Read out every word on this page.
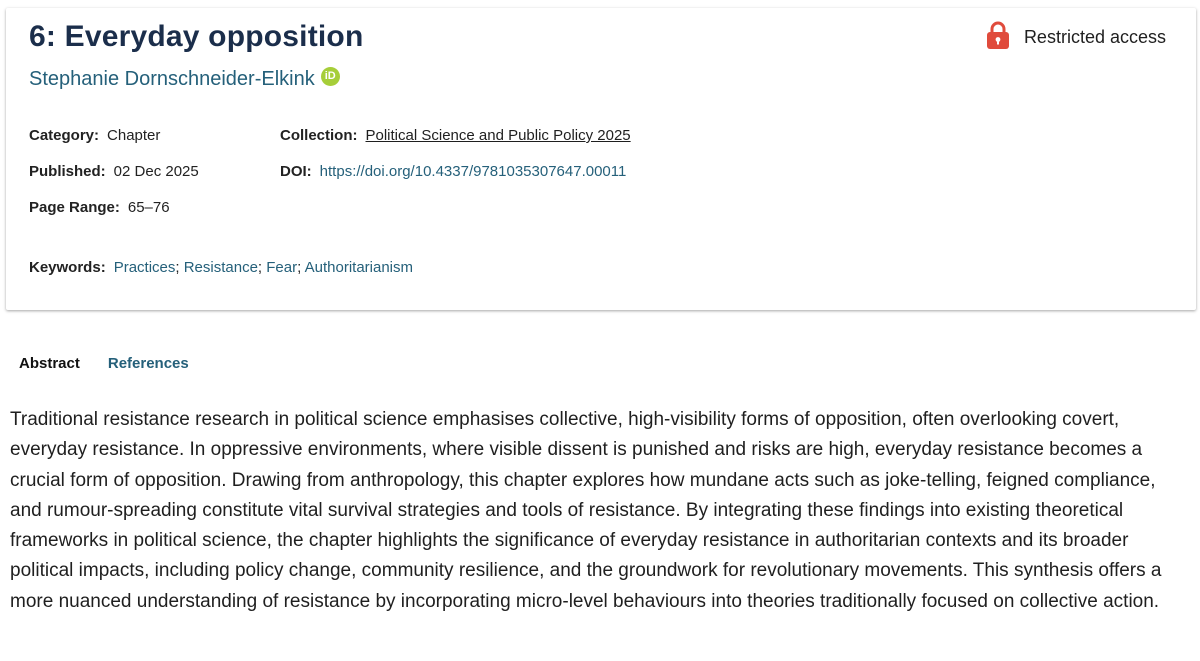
6: Everyday opposition
Stephanie Dornschneider-Elkink iD
Restricted access
Category: Chapter
Published: 02 Dec 2025
Page Range: 65–76
Collection: Political Science and Public Policy 2025
DOI: https://doi.org/10.4337/9781035307647.00011
Keywords: Practices; Resistance; Fear; Authoritarianism
Abstract References

Traditional resistance research in political science emphasises collective, high-visibility forms of opposition, often overlooking covert, everyday resistance. In oppressive environments, where visible dissent is punished and risks are high, everyday resistance becomes a crucial form of opposition. Drawing from anthropology, this chapter explores how mundane acts such as joke-telling, feigned compliance, and rumour-spreading constitute vital survival strategies and tools of resistance. By integrating these findings into existing theoretical frameworks in political science, the chapter highlights the significance of everyday resistance in authoritarian contexts and its broader political impacts, including policy change, community resilience, and the groundwork for revolutionary movements. This synthesis offers a more nuanced understanding of resistance by incorporating micro-level behaviours into theories traditionally focused on collective action.
